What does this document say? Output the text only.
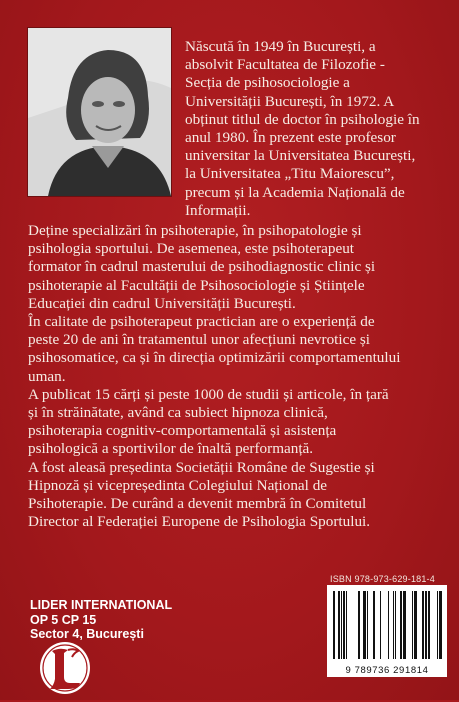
Născută în 1949 în București, a
absolvit Facultatea de Filozofie -
Secția de psihosociologie a
Universității București, în 1972. A
obținut titlul de doctor în psihologie în
anul 1980. În prezent este profesor
universitar la Universitatea București,
la Universitatea „Titu Maiorescu”,
precum și la Academia Națională de
Informații.

Deține specializări în psihoterapie, în psihopatologie și
psihologia sportului. De asemenea, este psihoterapeut
formator în cadrul masterului de psihodiagnostic clinic și
psihoterapie al Facultății de Psihosociologie și Științele
Educației din cadrul Universității București.

În calitate de psihoterapeut practician are o experiență de
peste 20 de ani în tratamentul unor afecțiuni nevrotice și
psihosomatice, ca și în direcția optimizării comportamentului
uman.

A publicat 15 cărți și peste 1000 de studii și articole, în țară
și în străinătate, având ca subiect hipnoza clinică,
psihoterapia cognitiv-comportamentală și asistența
psihologică a sportivilor de înaltă performanță.

A fost aleasă președinta Societății Române de Sugestie și
Hipnoză și vicepreședinta Colegiului Național de
Psihoterapie. De curând a devenit membră în Comitetul
Director al Federației Europene de Psihologia Sportului.

ISBN 978-973-629-181-4
9 789736 291814
LIDER INTERNATIONAL
OP 5 CP 15
Sector 4, București
